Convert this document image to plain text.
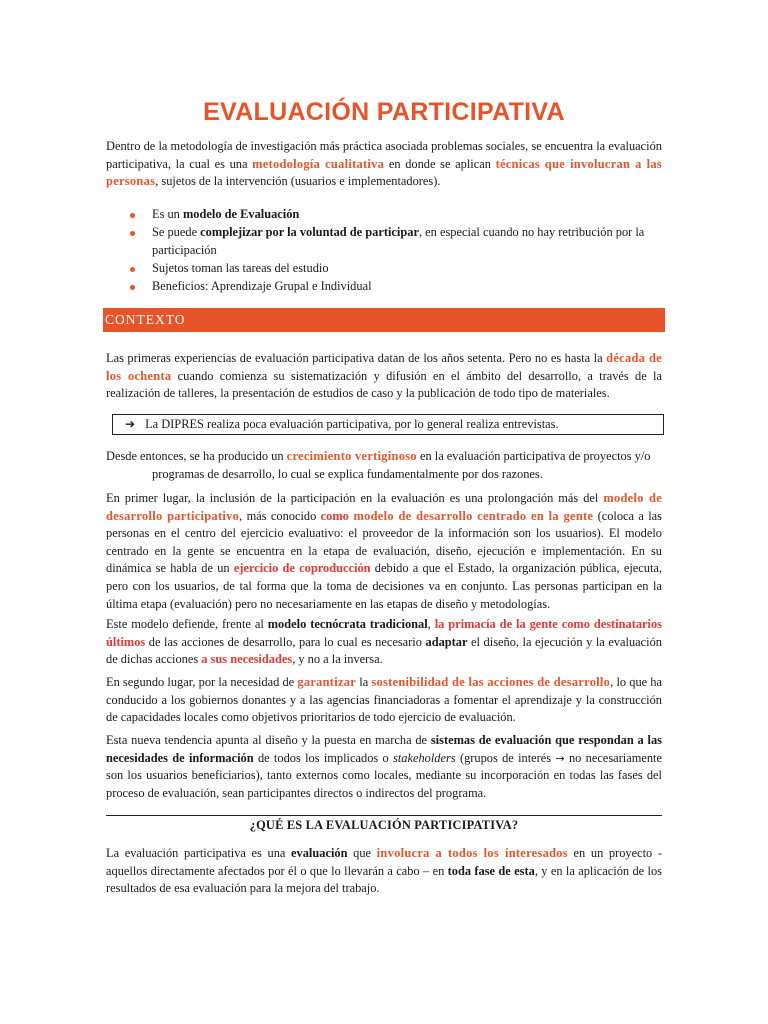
EVALUACIÓN PARTICIPATIVA

Dentro de la metodología de investigación más práctica asociada problemas sociales, se encuentra la evaluación participativa, la cual es una metodología cualitativa en donde se aplican técnicas que involucran a las personas, sujetos de la intervención (usuarios e implementadores).

Es un modelo de Evaluación
Se puede complejizar por la voluntad de participar, en especial cuando no hay retribución por la participación
Sujetos toman las tareas del estudio
Beneficios: Aprendizaje Grupal e Individual
CONTEXTO

Las primeras experiencias de evaluación participativa datan de los años setenta. Pero no es hasta la década de los ochenta cuando comienza su sistematización y difusión en el ámbito del desarrollo, a través de la realización de talleres, la presentación de estudios de caso y la publicación de todo tipo de materiales.

➔ La DIPRES realiza poca evaluación participativa, por lo general realiza entrevistas.

Desde entonces, se ha producido un crecimiento vertiginoso en la evaluación participativa de proyectos y/o
programas de desarrollo, lo cual se explica fundamentalmente por dos razones.

En primer lugar, la inclusión de la participación en la evaluación es una prolongación más del modelo de desarrollo participativo, más conocido como modelo de desarrollo centrado en la gente (coloca a las personas en el centro del ejercicio evaluativo: el proveedor de la información son los usuarios). El modelo centrado en la gente se encuentra en la etapa de evaluación, diseño, ejecución e implementación. En su dinámica se habla de un ejercicio de coproducción debido a que el Estado, la organización pública, ejecuta, pero con los usuarios, de tal forma que la toma de decisiones va en conjunto. Las personas participan en la última etapa (evaluación) pero no necesariamente en las etapas de diseño y metodologías.

Este modelo defiende, frente al modelo tecnócrata tradicional, la primacía de la gente como destinatarios últimos de las acciones de desarrollo, para lo cual es necesario adaptar el diseño, la ejecución y la evaluación de dichas acciones a sus necesidades, y no a la inversa.

En segundo lugar, por la necesidad de garantizar la sostenibilidad de las acciones de desarrollo, lo que ha conducido a los gobiernos donantes y a las agencias financiadoras a fomentar el aprendizaje y la construcción de capacidades locales como objetivos prioritarios de todo ejercicio de evaluación.

Esta nueva tendencia apunta al diseño y la puesta en marcha de sistemas de evaluación que respondan a las necesidades de información de todos los implicados o stakeholders (grupos de interés → no necesariamente son los usuarios beneficiarios), tanto externos como locales, mediante su incorporación en todas las fases del proceso de evaluación, sean participantes directos o indirectos del programa.

¿QUÉ ES LA EVALUACIÓN PARTICIPATIVA?

La evaluación participativa es una evaluación que involucra a todos los interesados en un proyecto - aquellos directamente afectados por él o que lo llevarán a cabo – en toda fase de esta, y en la aplicación de los resultados de esa evaluación para la mejora del trabajo.
